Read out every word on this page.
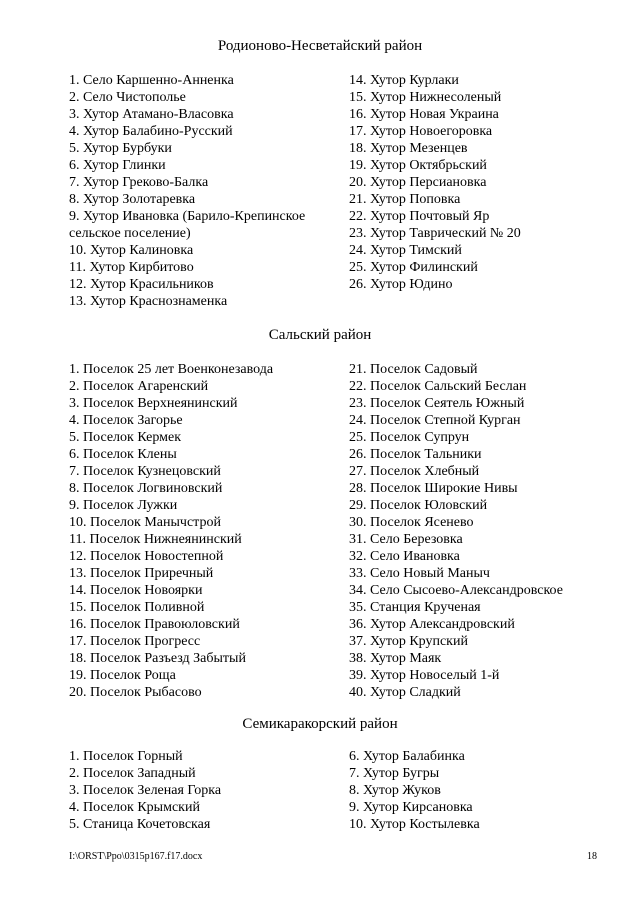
Родионово-Несветайский район
1. Село Каршенно-Анненка
2. Село Чистополье
3. Хутор Атамано-Власовка
4. Хутор Балабино-Русский
5. Хутор Бурбуки
6. Хутор Глинки
7. Хутор Греково-Балка
8. Хутор Золотаревка
9. Хутор Ивановка (Барило-Крепинское сельское поселение)
10. Хутор Калиновка
11. Хутор Кирбитово
12. Хутор Красильников
13. Хутор Краснознаменка
14. Хутор Курлаки
15. Хутор Нижнесоленый
16. Хутор Новая Украина
17. Хутор Новоегоровка
18. Хутор Мезенцев
19. Хутор Октябрьский
20. Хутор Персиановка
21. Хутор Поповка
22. Хутор Почтовый Яр
23. Хутор Таврический № 20
24. Хутор Тимский
25. Хутор Филинский
26. Хутор Юдино
Сальский район
1. Поселок 25 лет Военконезавода
2. Поселок Агаренский
3. Поселок Верхнеянинский
4. Поселок Загорье
5. Поселок Кермек
6. Поселок Клены
7. Поселок Кузнецовский
8. Поселок Логвиновский
9. Поселок Лужки
10. Поселок Манычстрой
11. Поселок Нижнеянинский
12. Поселок Новостепной
13. Поселок Приречный
14. Поселок Новоярки
15. Поселок Поливной
16. Поселок Правоюловский
17. Поселок Прогресс
18. Поселок Разъезд Забытый
19. Поселок Роща
20. Поселок Рыбасово
21. Поселок Садовый
22. Поселок Сальский Беслан
23. Поселок Сеятель Южный
24. Поселок Степной Курган
25. Поселок Супрун
26. Поселок Тальники
27. Поселок Хлебный
28. Поселок Широкие Нивы
29. Поселок Юловский
30. Поселок Ясенево
31. Село Березовка
32. Село Ивановка
33. Село Новый Маныч
34. Село Сысоево-Александровское
35. Станция Крученая
36. Хутор Александровский
37. Хутор Крупский
38. Хутор Маяк
39. Хутор Новоселый 1-й
40. Хутор Сладкий
Семикаракорский район
1. Поселок Горный
2. Поселок Западный
3. Поселок Зеленая Горка
4. Поселок Крымский
5. Станица Кочетовская
6. Хутор Балабинка
7. Хутор Бугры
8. Хутор Жуков
9. Хутор Кирсановка
10. Хутор Костылевка
I:\ORST\Ppo\0315p167.f17.docx	18
